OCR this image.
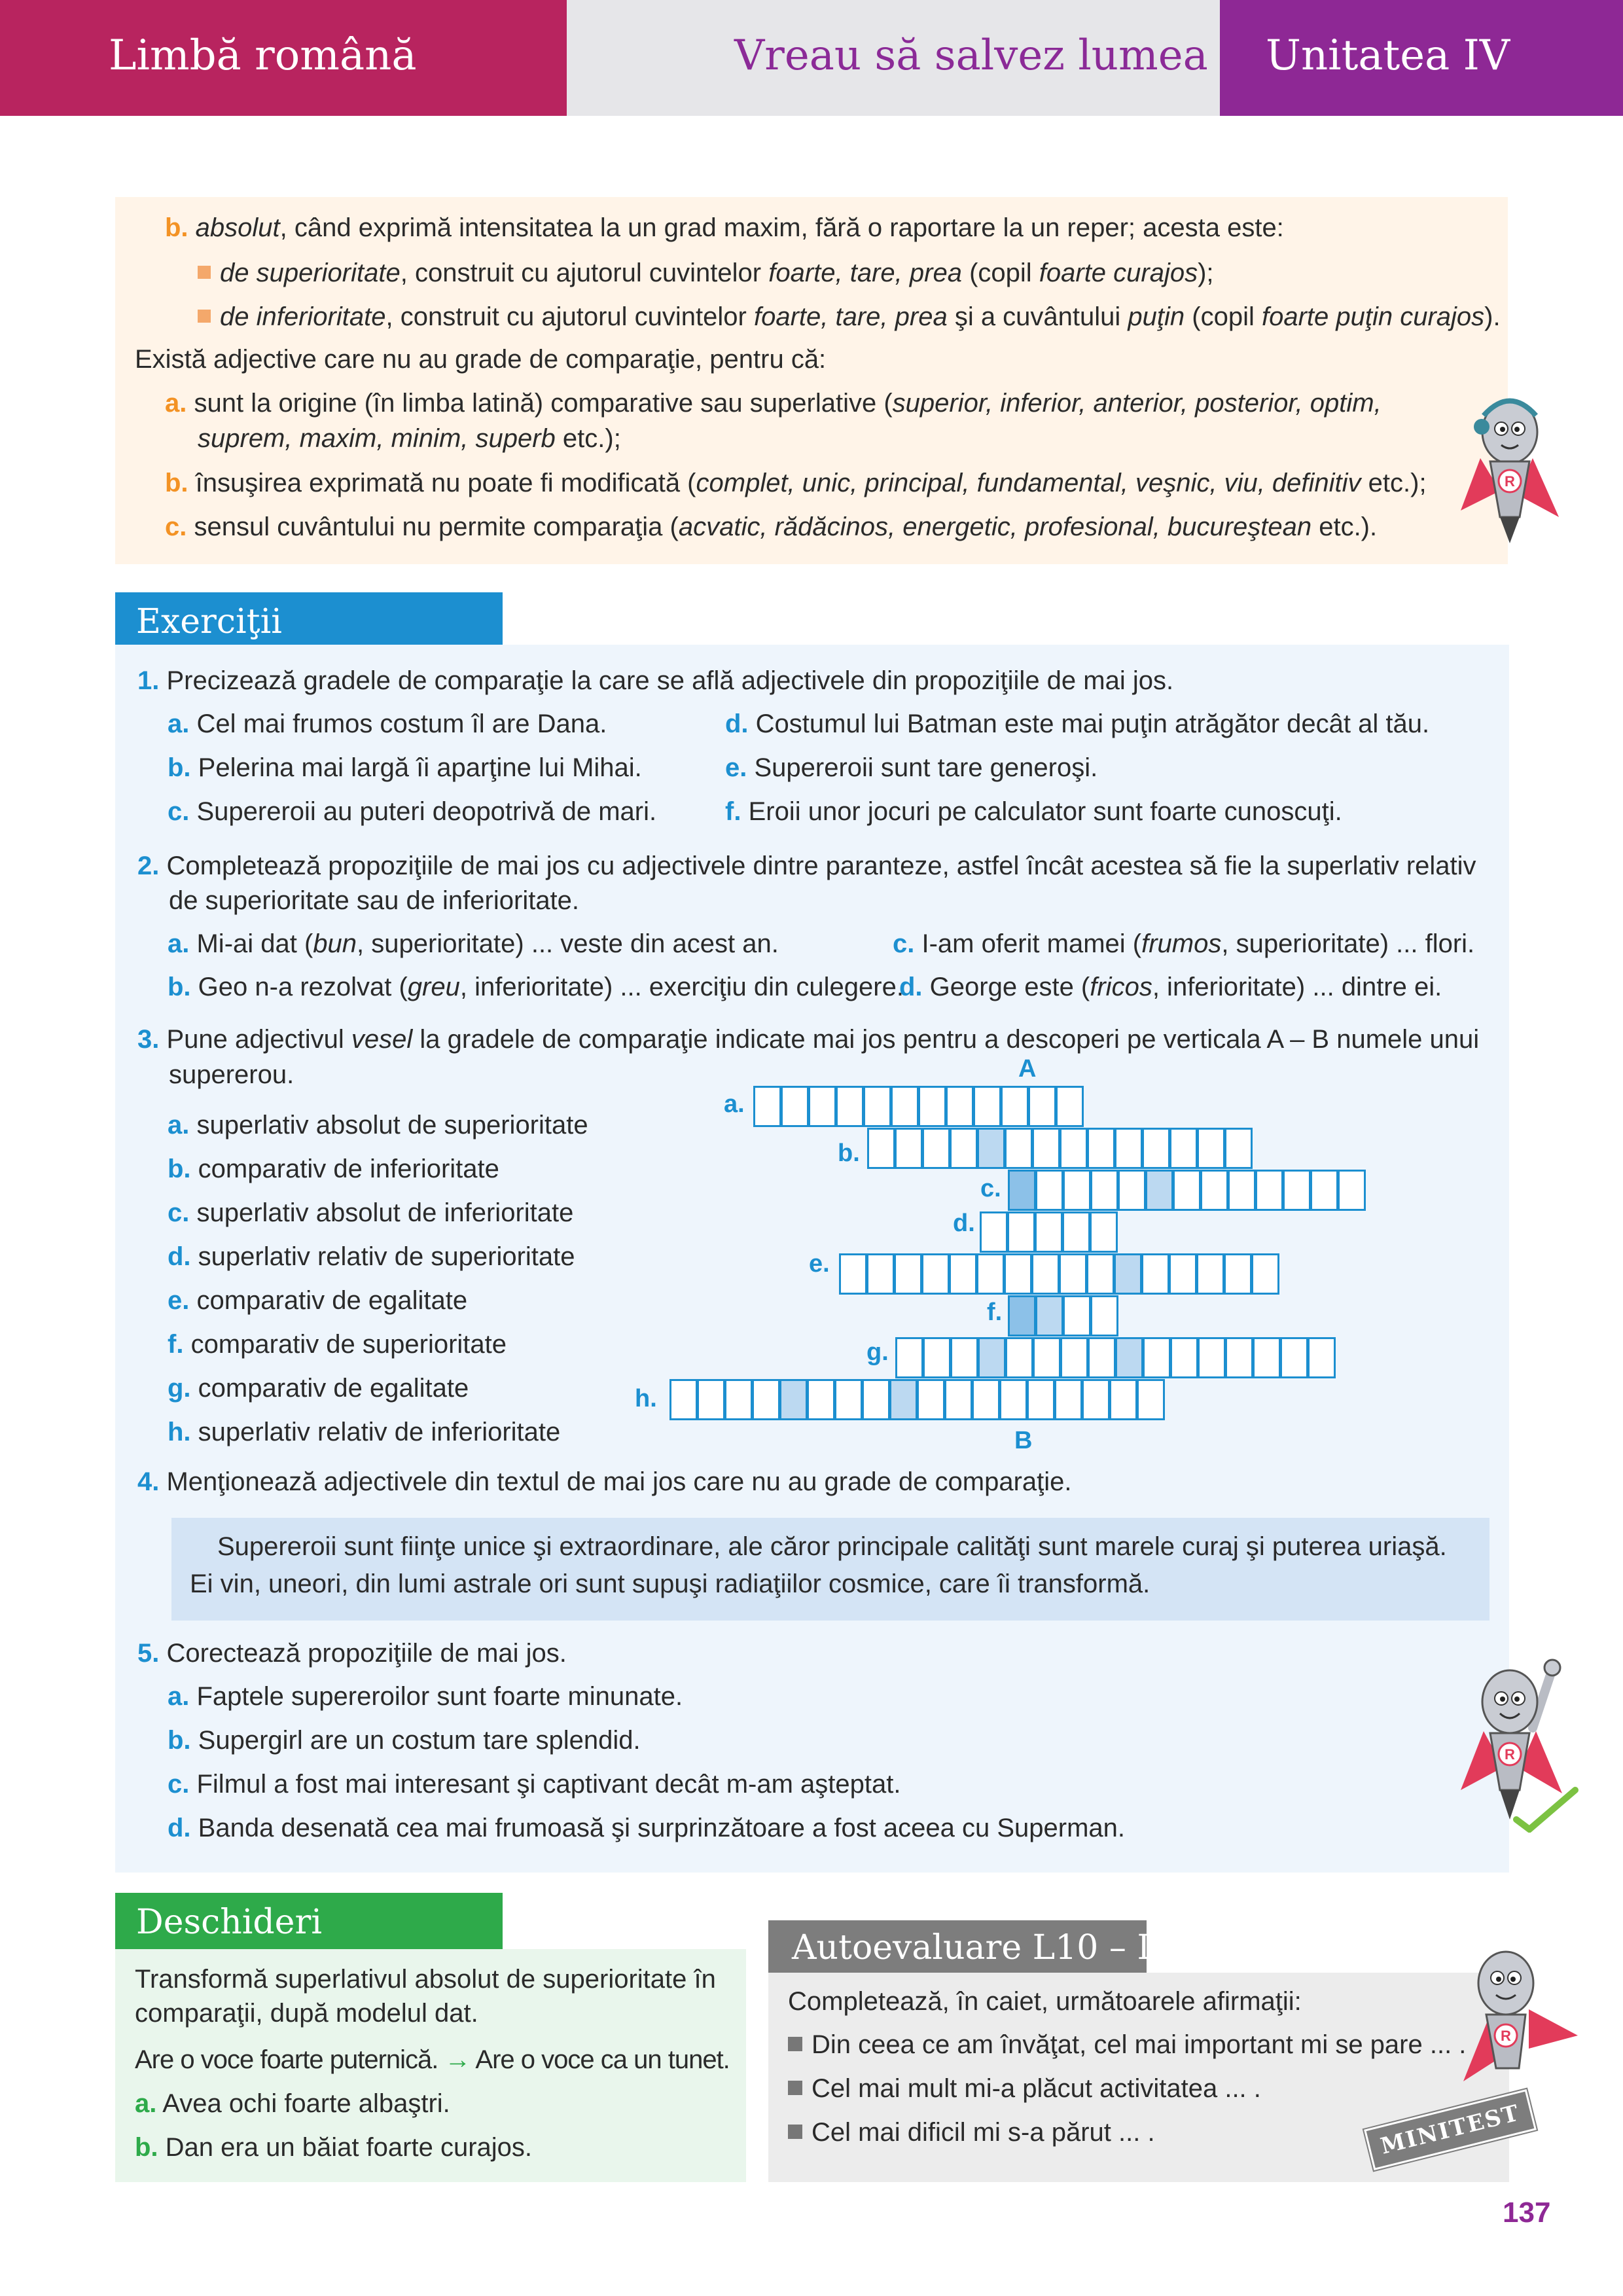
Limbă română	Vreau să salvez lumea Unitatea IV
b. absolut, când exprimă intensitatea la un grad maxim, fără o raportare la un reper; acesta este:
de superioritate, construit cu ajutorul cuvintelor foarte, tare, prea (copil foarte curajos);
de inferioritate, construit cu ajutorul cuvintelor foarte, tare, prea şi a cuvântului puţin (copil foarte puţin curajos).
Există adjective care nu au grade de comparaţie, pentru că:
a. sunt la origine (în limba latină) comparative sau superlative (superior, inferior, anterior, posterior, optim,
suprem, maxim, minim, superb etc.);
b. însuşirea exprimată nu poate fi modificată (complet, unic, principal, fundamental, veşnic, viu, definitiv etc.);
c. sensul cuvântului nu permite comparaţia (acvatic, rădăcinos, energetic, profesional, bucureştean etc.).
R
Exerciţii
1. Precizează gradele de comparaţie la care se află adjectivele din propoziţiile de mai jos.
a. Cel mai frumos costum îl are Dana.
b. Pelerina mai largă îi aparţine lui Mihai.
c. Supereroii au puteri deopotrivă de mari.
d. Costumul lui Batman este mai puţin atrăgător decât al tău.
e. Supereroii sunt tare generoşi.
f. Eroii unor jocuri pe calculator sunt foarte cunoscuţi.
2. Completează propoziţiile de mai jos cu adjectivele dintre paranteze, astfel încât acestea să fie la superlativ relativ
de superioritate sau de inferioritate.
a. Mi-ai dat (bun, superioritate) ... veste din acest an.
b. Geo n-a rezolvat (greu, inferioritate) ... exerciţiu din culegere.
c. I-am oferit mamei (frumos, superioritate) ... flori.
d. George este (fricos, inferioritate) ... dintre ei.
3. Pune adjectivul vesel la gradele de comparaţie indicate mai jos pentru a descoperi pe verticala A – B numele unui
supererou.
a. superlativ absolut de superioritate
b. comparativ de inferioritate
c. superlativ absolut de inferioritate
d. superlativ relativ de superioritate
e. comparativ de egalitate
f. comparativ de superioritate
g. comparativ de egalitate
h. superlativ relativ de inferioritate
A
B
a.
b.
c.
d.
e.
f.
g.
h.
4. Menţionează adjectivele din textul de mai jos care nu au grade de comparaţie.
Supereroii sunt fiinţe unice şi extraordinare, ale căror principale calităţi sunt marele curaj şi puterea uriaşă.
Ei vin, uneori, din lumi astrale ori sunt supuşi radiaţiilor cosmice, care îi transformă.
5. Corectează propoziţiile de mai jos.
a. Faptele supereroilor sunt foarte minunate.
b. Supergirl are un costum tare splendid.
c. Filmul a fost mai interesant şi captivant decât m-am aşteptat.
d. Banda desenată cea mai frumoasă şi surprinzătoare a fost aceea cu Superman.
R
Deschideri
Transformă superlativul absolut de superioritate în
comparaţii, după modelul dat.
Are o voce foarte puternică. → Are o voce ca un tunet.
a. Avea ochi foarte albaştri.
b. Dan era un băiat foarte curajos.
Autoevaluare L10 – L13
Completează, în caiet, următoarele afirmaţii:
Din ceea ce am învăţat, cel mai important mi se pare ... .
Cel mai mult mi-a plăcut activitatea ... .
Cel mai dificil mi s-a părut ... .	MINITEST
R
137
